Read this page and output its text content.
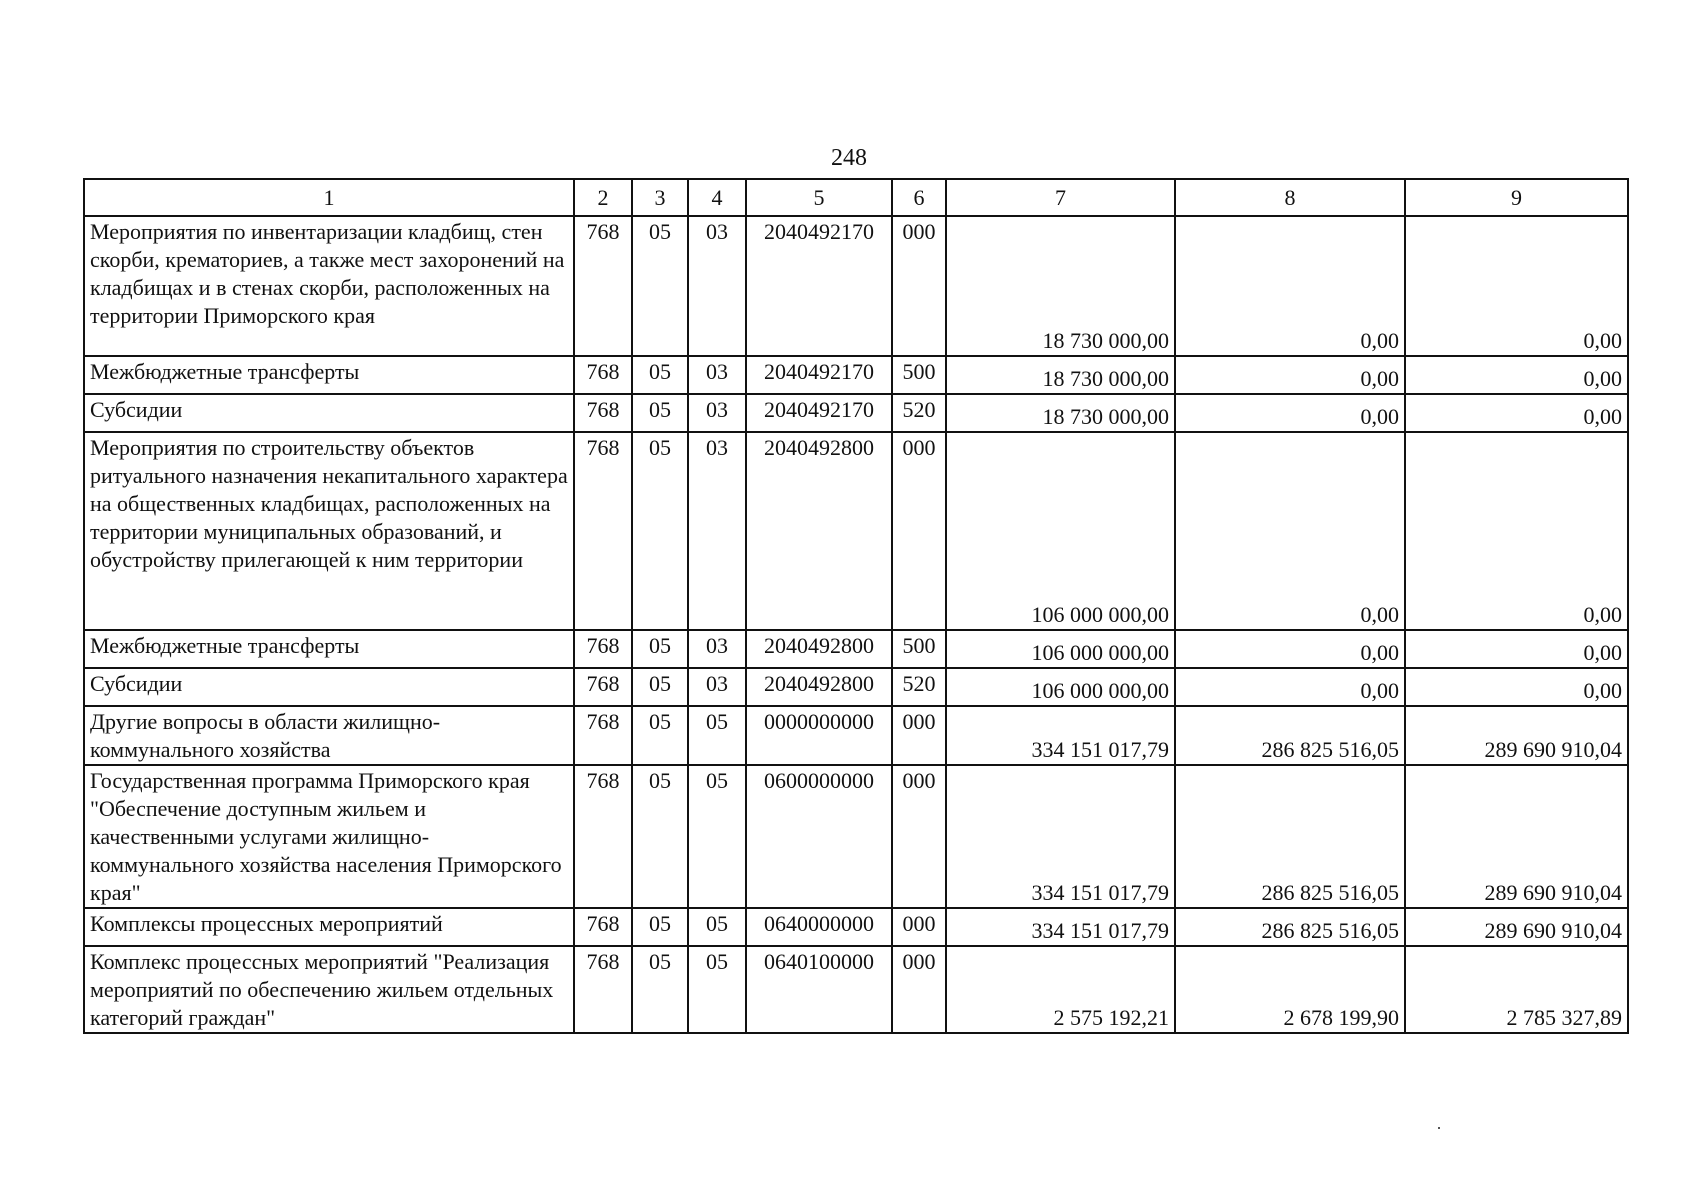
248
1	2	3	4	5	6	7	8	9
Мероприятия по инвентаризации кладбищ, стен скорби, крематориев, а также мест захоронений на кладбищах и в стенах скорби, расположенных на территории Приморского края	768	05	03	2040492170	000	18 730 000,00	0,00	0,00
Межбюджетные трансферты	768	05	03	2040492170	500	18 730 000,00	0,00	0,00
Субсидии	768	05	03	2040492170	520	18 730 000,00	0,00	0,00
Мероприятия по строительству объектов ритуального назначения некапитального характера на общественных кладбищах, расположенных на территории муниципальных образований, и обустройству прилегающей к ним территории	768	05	03	2040492800	000	106 000 000,00	0,00	0,00
Межбюджетные трансферты	768	05	03	2040492800	500	106 000 000,00	0,00	0,00
Субсидии	768	05	03	2040492800	520	106 000 000,00	0,00	0,00
Другие вопросы в области жилищно-коммунального хозяйства	768	05	05	0000000000	000	334 151 017,79	286 825 516,05	289 690 910,04
Государственная программа Приморского края "Обеспечение доступным жильем и качественными услугами жилищно-коммунального хозяйства населения Приморского края"	768	05	05	0600000000	000	334 151 017,79	286 825 516,05	289 690 910,04
Комплексы процессных мероприятий	768	05	05	0640000000	000	334 151 017,79	286 825 516,05	289 690 910,04
Комплекс процессных мероприятий "Реализация мероприятий по обеспечению жильем отдельных категорий граждан"	768	05	05	0640100000	000	2 575 192,21	2 678 199,90	2 785 327,89
